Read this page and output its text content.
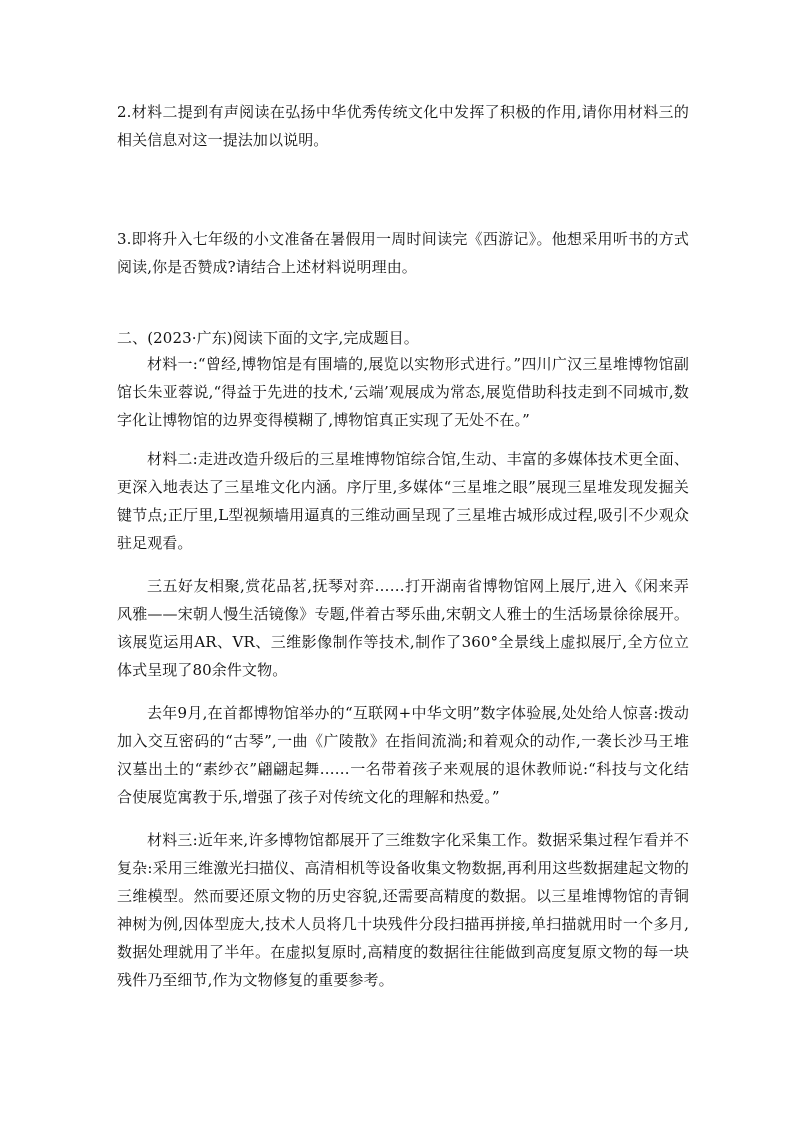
2.材料二提到有声阅读在弘扬中华优秀传统文化中发挥了积极的作用,请你用材料三的相关信息对这一提法加以说明。

3.即将升入七年级的小文准备在暑假用一周时间读完《西游记》。他想采用听书的方式阅读,你是否赞成?请结合上述材料说明理由。

二、(2023·广东)阅读下面的文字,完成题目。

材料一:“曾经,博物馆是有围墙的,展览以实物形式进行。”四川广汉三星堆博物馆副馆长朱亚蓉说,“得益于先进的技术,‘云端’观展成为常态,展览借助科技走到不同城市,数字化让博物馆的边界变得模糊了,博物馆真正实现了无处不在。”

材料二:走进改造升级后的三星堆博物馆综合馆,生动、丰富的多媒体技术更全面、更深入地表达了三星堆文化内涵。序厅里,多媒体“三星堆之眼”展现三星堆发现发掘关键节点;正厅里,L型视频墙用逼真的三维动画呈现了三星堆古城形成过程,吸引不少观众驻足观看。

三五好友相聚,赏花品茗,抚琴对弈……打开湖南省博物馆网上展厅,进入《闲来弄风雅——宋朝人慢生活镜像》专题,伴着古琴乐曲,宋朝文人雅士的生活场景徐徐展开。该展览运用AR、VR、三维影像制作等技术,制作了360°全景线上虚拟展厅,全方位立体式呈现了80余件文物。

去年9月,在首都博物馆举办的“互联网+中华文明”数字体验展,处处给人惊喜:拨动加入交互密码的“古琴”,一曲《广陵散》在指间流淌;和着观众的动作,一袭长沙马王堆汉墓出土的“素纱衣”翩翩起舞……一名带着孩子来观展的退休教师说:“科技与文化结合使展览寓教于乐,增强了孩子对传统文化的理解和热爱。”

材料三:近年来,许多博物馆都展开了三维数字化采集工作。数据采集过程乍看并不复杂:采用三维激光扫描仪、高清相机等设备收集文物数据,再利用这些数据建起文物的三维模型。然而要还原文物的历史容貌,还需要高精度的数据。以三星堆博物馆的青铜神树为例,因体型庞大,技术人员将几十块残件分段扫描再拼接,单扫描就用时一个多月,数据处理就用了半年。在虚拟复原时,高精度的数据往往能做到高度复原文物的每一块残件乃至细节,作为文物修复的重要参考。
